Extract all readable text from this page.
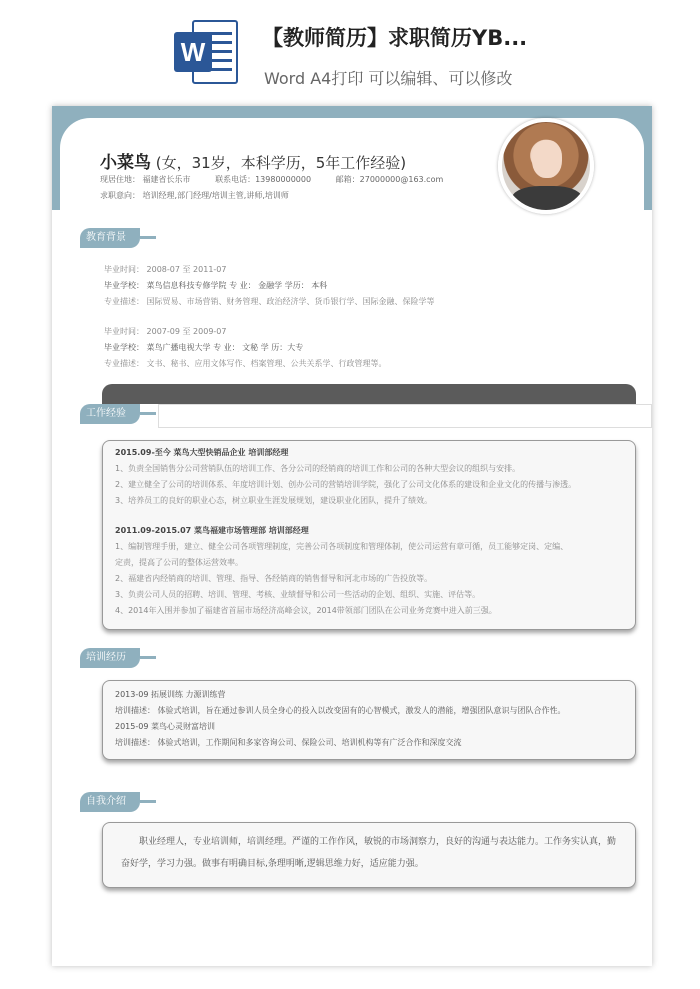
W	【教师简历】求职简历YB...
Word A4打印 可以编辑、可以修改
小菜鸟 (女，31岁，本科学历，5年工作经验)
现居住地： 福建省长乐市	联系电话：13980000000	邮箱：27000000@163.com
求职意向： 培训经理,部门经理/培训主管,讲师,培训师
教育背景
毕业时间： 2008-07 至 2011-07
毕业学校： 菜鸟信息科技专修学院 专 业： 金融学 学历： 本科
专业描述： 国际贸易、市场营销、财务管理、政治经济学、货币银行学、国际金融、保险学等
毕业时间： 2007-09 至 2009-07
毕业学校： 菜鸟广播电视大学 专 业： 文秘 学 历：大专
专业描述： 文书、秘书、应用文体写作、档案管理、公共关系学、行政管理等。
工作经验
2015.09-至今 菜鸟大型快销品企业 培训部经理
1、负责全国销售分公司营销队伍的培训工作、各分公司的经销商的培训工作和公司的各种大型会议的组织与安排。
2、建立健全了公司的培训体系、年度培训计划、创办公司的营销培训学院，强化了公司文化体系的建设和企业文化的传播与渗透。
3、培养员工的良好的职业心态，树立职业生涯发展规划，建设职业化团队，提升了绩效。
2011.09-2015.07 菜鸟福建市场管理部 培训部经理
1、编制管理手册，建立、健全公司各项管理制度，完善公司各项制度和管理体制，使公司运营有章可循，员工能够定岗、定编、
定责，提高了公司的整体运营效率。
2、福建省内经销商的培训、管理、指导、各经销商的销售督导和河北市场的广告投放等。
3、负责公司人员的招聘、培训、管理、考核、业绩督导和公司一些活动的企划、组织、实施、评估等。
4、2014年入围并参加了福建省首届市场经济高峰会议，2014带领部门团队在公司业务竞赛中进入前三强。
培训经历
2013-09 拓展训练 力源训练营
培训描述： 体验式培训，旨在通过参训人员全身心的投入以改变固有的心智模式，激发人的潜能，增强团队意识与团队合作性。
2015-09 菜鸟心灵财富培训
培训描述： 体验式培训，工作期间和多家咨询公司、保险公司、培训机构等有广泛合作和深度交流
自我介绍
职业经理人，专业培训师，培训经理。严谨的工作作风，敏锐的市场洞察力，良好的沟通与表达能力。工作务实认真，勤奋好学，学习力强。做事有明确目标,条理明晰,逻辑思维力好，适应能力强。
